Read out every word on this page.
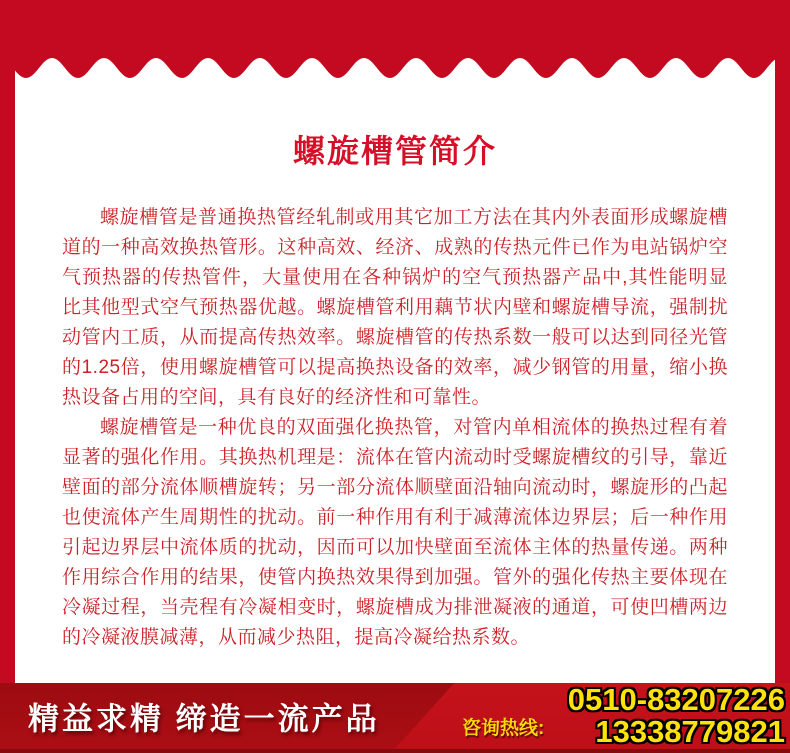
螺旋槽管简介

螺旋槽管是普通换热管经轧制或用其它加工方法在其内外表面形成螺旋槽道的一种高效换热管形。这种高效、经济、成熟的传热元件已作为电站锅炉空气预热器的传热管件，大量使用在各种锅炉的空气预热器产品中,其性能明显比其他型式空气预热器优越。螺旋槽管利用藕节状内壁和螺旋槽导流，强制扰动管内工质，从而提高传热效率。螺旋槽管的传热系数一般可以达到同径光管的1.25倍，使用螺旋槽管可以提高换热设备的效率，减少钢管的用量，缩小换热设备占用的空间，具有良好的经济性和可靠性。

螺旋槽管是一种优良的双面强化换热管，对管内单相流体的换热过程有着显著的强化作用。其换热机理是：流体在管内流动时受螺旋槽纹的引导，靠近壁面的部分流体顺槽旋转；另一部分流体顺壁面沿轴向流动时，螺旋形的凸起也使流体产生周期性的扰动。前一种作用有利于减薄流体边界层；后一种作用引起边界层中流体质的扰动，因而可以加快壁面至流体主体的热量传递。两种作用综合作用的结果，使管内换热效果得到加强。管外的强化传热主要体现在冷凝过程，当壳程有冷凝相变时，螺旋槽成为排泄凝液的通道，可使凹槽两边的冷凝液膜减薄，从而减少热阻，提高冷凝给热系数。

精益求精 缔造一流产品	咨询热线:
0510-83207226
13338779821
